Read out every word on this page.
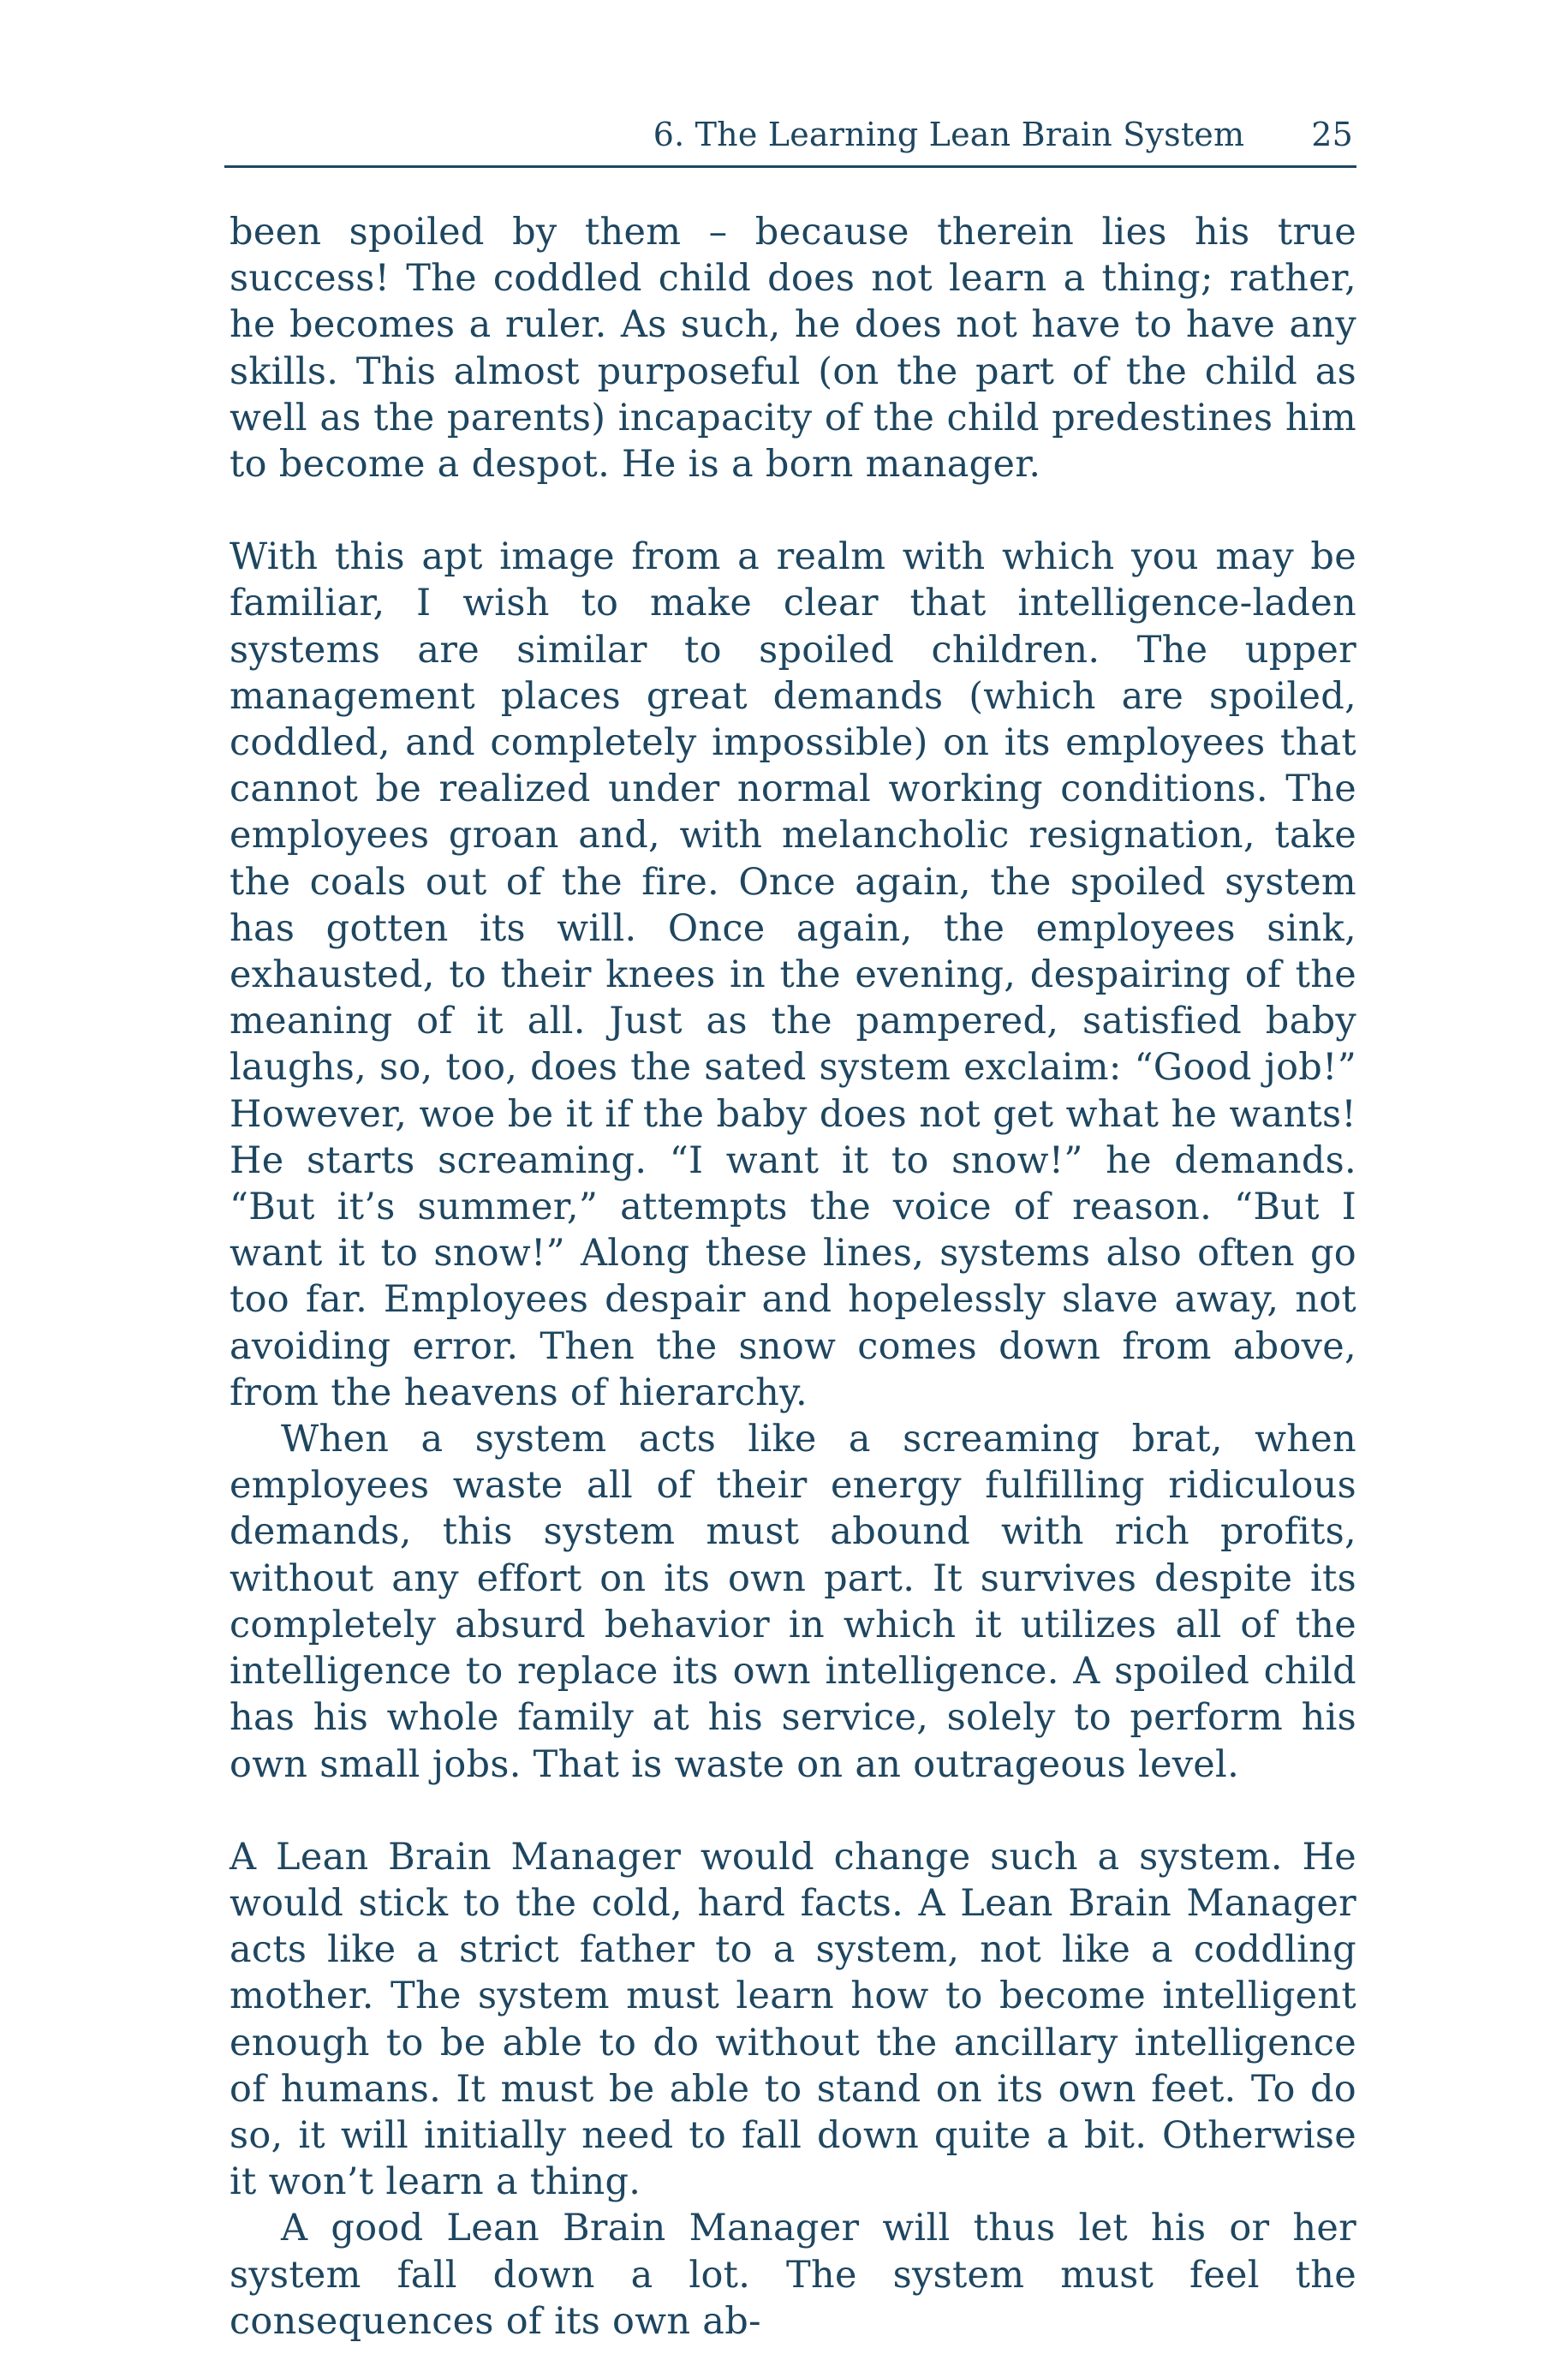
6. The Learning Lean Brain System 25

been spoiled by them – because therein lies his true success! The coddled child does not learn a thing; rather, he becomes a ruler. As such, he does not have to have any skills. This almost purposeful (on the part of the child as well as the parents) incapacity of the child predestines him to become a despot. He is a born manager.

With this apt image from a realm with which you may be familiar, I wish to make clear that intelligence-laden systems are similar to spoiled children. The upper management places great demands (which are spoiled, coddled, and completely impossible) on its employees that cannot be realized under normal working conditions. The employees groan and, with melancholic resignation, take the coals out of the fire. Once again, the spoiled system has gotten its will. Once again, the employees sink, exhausted, to their knees in the evening, despairing of the meaning of it all. Just as the pampered, satisfied baby laughs, so, too, does the sated system exclaim: “Good job!” However, woe be it if the baby does not get what he wants! He starts screaming. “I want it to snow!” he demands. “But it’s summer,” attempts the voice of reason. “But I want it to snow!” Along these lines, systems also often go too far. Employees despair and hopelessly slave away, not avoiding error. Then the snow comes down from above, from the heavens of hierarchy.

When a system acts like a screaming brat, when employees waste all of their energy fulfilling ridiculous demands, this system must abound with rich profits, without any effort on its own part. It survives despite its completely absurd behavior in which it utilizes all of the intelligence to replace its own intelligence. A spoiled child has his whole family at his service, solely to perform his own small jobs. That is waste on an outrageous level.

A Lean Brain Manager would change such a system. He would stick to the cold, hard facts. A Lean Brain Manager acts like a strict father to a system, not like a coddling mother. The system must learn how to become intelligent enough to be able to do without the ancillary intelligence of humans. It must be able to stand on its own feet. To do so, it will initially need to fall down quite a bit. Otherwise it won’t learn a thing.

A good Lean Brain Manager will thus let his or her system fall down a lot. The system must feel the consequences of its own ab-
